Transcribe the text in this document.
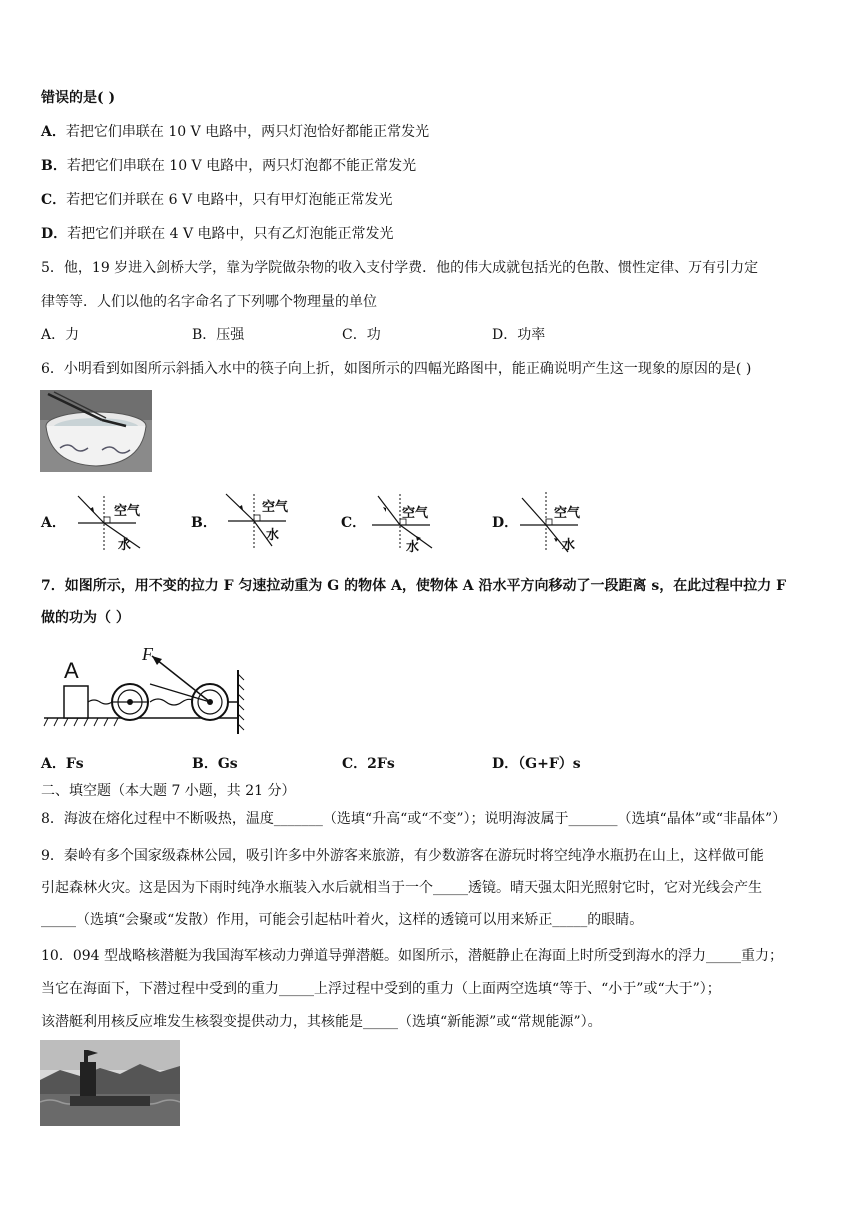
错误的是( )
A．若把它们串联在 10 V 电路中，两只灯泡恰好都能正常发光
B．若把它们串联在 10 V 电路中，两只灯泡都不能正常发光
C．若把它们并联在 6 V 电路中，只有甲灯泡能正常发光
D．若把它们并联在 4 V 电路中，只有乙灯泡能正常发光
5．他，19 岁进入剑桥大学，靠为学院做杂物的收入支付学费．他的伟大成就包括光的色散、惯性定律、万有引力定
律等等．人们以他的名字命名了下列哪个物理量的单位
A．力	B．压强	C．功	D．功率
6．小明看到如图所示斜插入水中的筷子向上折，如图所示的四幅光路图中，能正确说明产生这一现象的原因的是( )
A．	B．	C．	D．
空气
水
空气
水
空气
水
空气
水
7．如图所示，用不变的拉力 F 匀速拉动重为 G 的物体 A，使物体 A 沿水平方向移动了一段距离 s，在此过程中拉力 F
做的功为（ ）
A
F
A．Fs	B．Gs	C．2Fs	D．（G+F）s
二、填空题（本大题 7 小题，共 21 分）
8．海波在熔化过程中不断吸热，温度_______（选填“升高“或“不变”）；说明海波属于_______（选填“晶体”或“非晶体”）
9．秦岭有多个国家级森林公园，吸引许多中外游客来旅游，有少数游客在游玩时将空纯净水瓶扔在山上，这样做可能
引起森林火灾。这是因为下雨时纯净水瓶装入水后就相当于一个_____透镜。晴天强太阳光照射它时，它对光线会产生
_____（选填“会聚或“发散）作用，可能会引起枯叶着火，这样的透镜可以用来矫正_____的眼睛。
10．094 型战略核潜艇为我国海军核动力弹道导弹潜艇。如图所示，潜艇静止在海面上时所受到海水的浮力_____重力；
当它在海面下，下潜过程中受到的重力_____上浮过程中受到的重力（上面两空选填“等于、“小于”或“大于”）；
该潜艇利用核反应堆发生核裂变提供动力，其核能是_____（选填“新能源”或“常规能源”）。
